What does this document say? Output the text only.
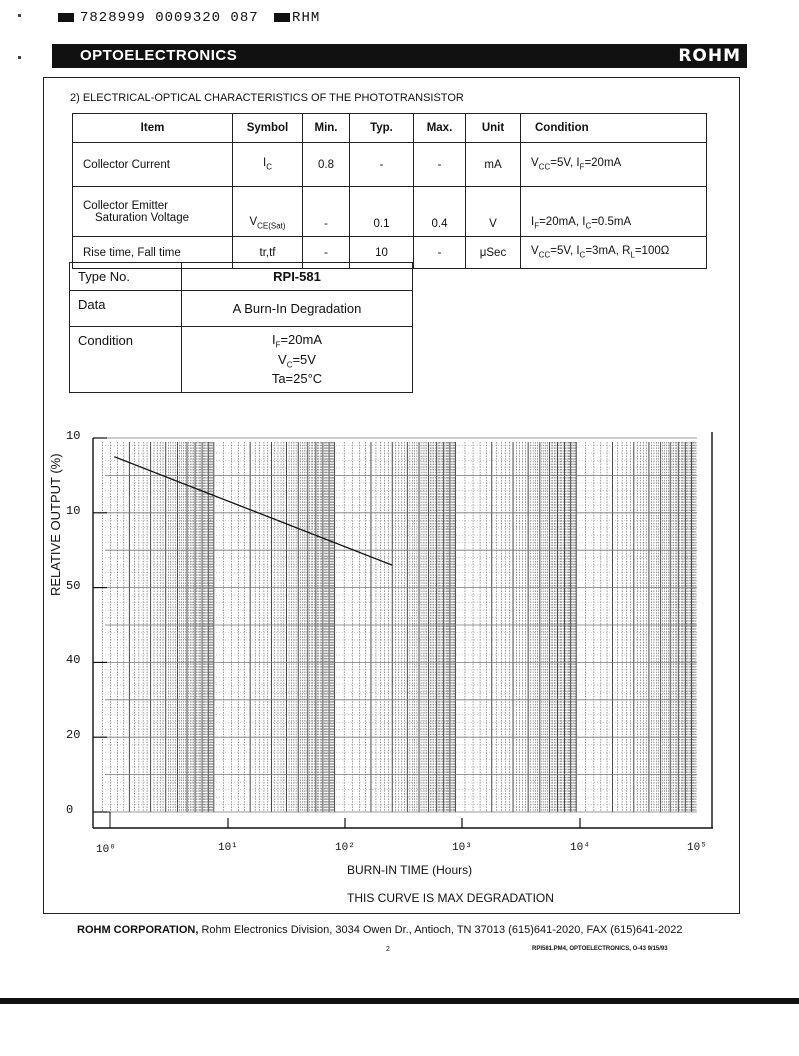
7828999 0009320 087 RHM
OPTOELECTRONICS	ROHM
2) ELECTRICAL-OPTICAL CHARACTERISTICS OF THE PHOTOTRANSISTOR
Item	Symbol	Min.	Typ.	Max.	Unit	Condition
Collector Current	$I_C$	0.8	-	-	mA	$V_{CC}=5V$, $I_F=20mA$
Collector Emitter
Saturation Voltage	$V_{CE(Sat)}$	-	0.1	0.4	V	$I_F=20mA$, $I_C=0.5mA$
Rise time, Fall time	tr,tf	-	10	-	μSec	$V_{CC}=5V$, $I_C=3mA$, $R_L=100\Omega$
Type No.	RPI-581
Data	A Burn-In Degradation
Condition	$I_F=20mA$
$V_C=5V$
Ta=25°C
RELATIVE OUTPUT (%)
10
10
50
40
20
0
10⁰	10¹	10²	10³	10⁴	10⁵
BURN-IN TIME (Hours)
THIS CURVE IS MAX DEGRADATION
ROHM CORPORATION, Rohm Electronics Division, 3034 Owen Dr., Antioch, TN 37013 (615)641-2020, FAX (615)641-2022
2	RPI581.PM4, OPTOELECTRONICS, O-43 9/15/93
